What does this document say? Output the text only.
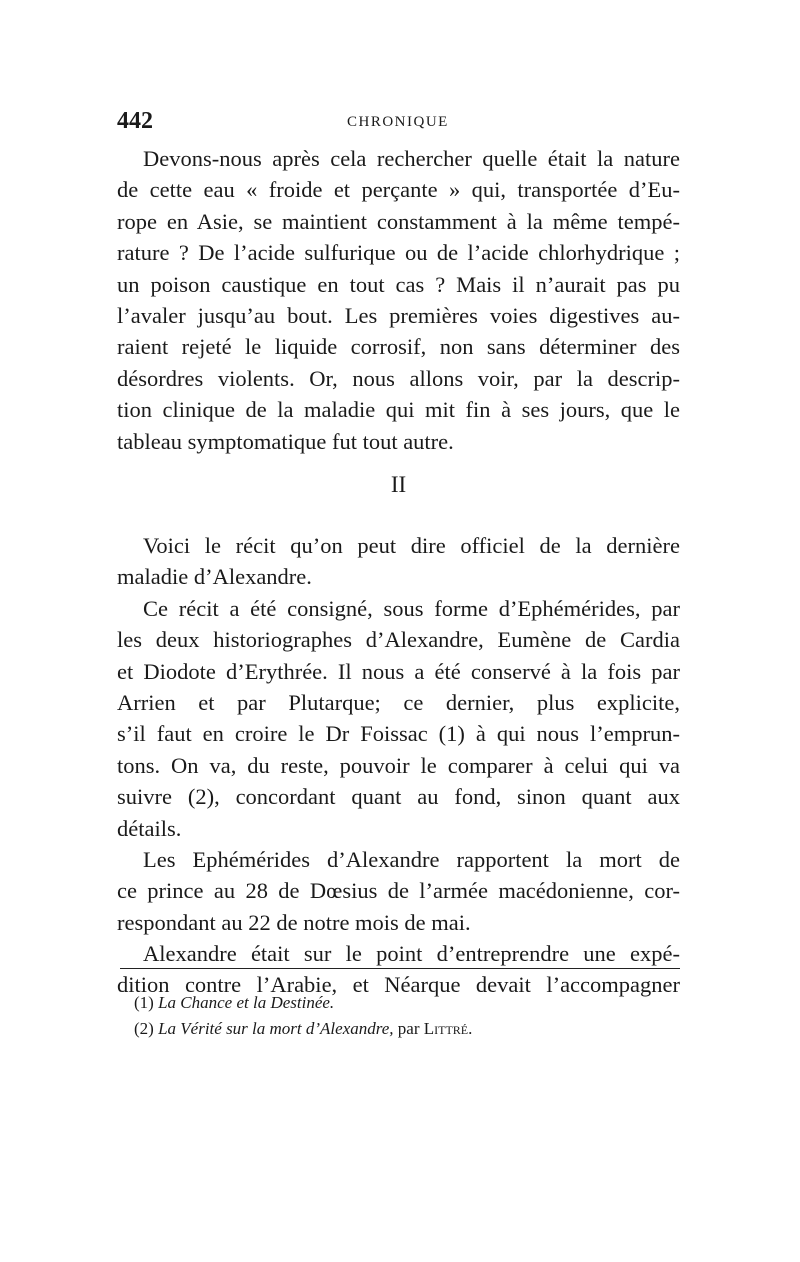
442	CHRONIQUE
Devons-nous après cela rechercher quelle était la nature
de cette eau « froide et perçante » qui, transportée d’Eu-
rope en Asie, se maintient constamment à la même tempé-
rature ? De l’acide sulfurique ou de l’acide chlorhydrique ;
un poison caustique en tout cas ? Mais il n’aurait pas pu
l’avaler jusqu’au bout. Les premières voies digestives au-
raient rejeté le liquide corrosif, non sans déterminer des
désordres violents. Or, nous allons voir, par la descrip-
tion clinique de la maladie qui mit fin à ses jours, que le
tableau symptomatique fut tout autre.
II
Voici le récit qu’on peut dire officiel de la dernière
maladie d’Alexandre.
Ce récit a été consigné, sous forme d’Ephémérides, par
les deux historiographes d’Alexandre, Eumène de Cardia
et Diodote d’Erythrée. Il nous a été conservé à la fois par
Arrien et par Plutarque; ce dernier, plus explicite,
s’il faut en croire le Dr Foissac (1) à qui nous l’emprun-
tons. On va, du reste, pouvoir le comparer à celui qui va
suivre (2), concordant quant au fond, sinon quant aux
détails.
Les Ephémérides d’Alexandre rapportent la mort de
ce prince au 28 de Dœsius de l’armée macédonienne, cor-
respondant au 22 de notre mois de mai.
Alexandre était sur le point d’entreprendre une expé-
dition contre l’Arabie, et Néarque devait l’accompagner
(1) La Chance et la Destinée.
(2) La Vérité sur la mort d’Alexandre, par Littré.
